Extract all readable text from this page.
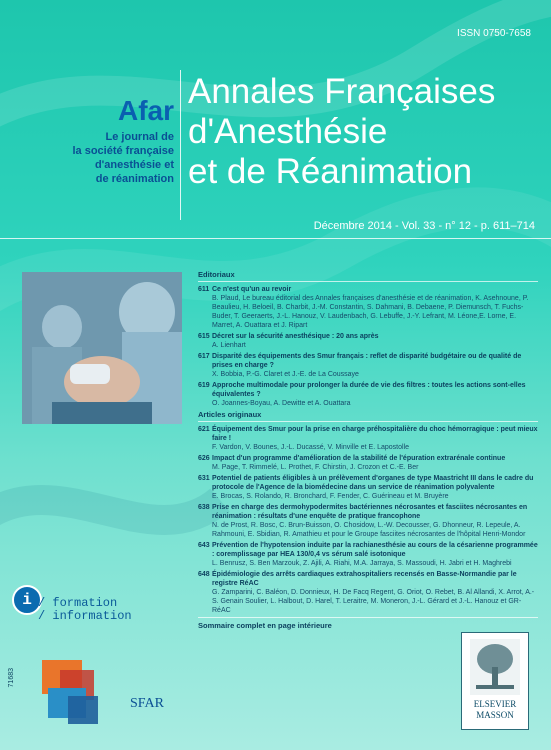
ISSN 0750-7658
Afar
Le journal de
la société française
d'anesthésie et
de réanimation
Annales Françaises
d'Anesthésie
et de Réanimation
Décembre 2014 - Vol. 33 - n° 12 - p. 611–714
Editoriaux
611 Ce n'est qu'un au revoir
B. Plaud, Le bureau éditorial des Annales françaises d'anesthésie et de réanimation, K. Asehnoune, P. Beaulieu, H. Beloeil, B. Charbit, J.-M. Constantin, S. Dahmani, B. Debaene, P. Diemunsch, T. Fuchs-Buder, T. Geeraerts, J.-L. Hanouz, V. Laudenbach, G. Lebuffe, J.-Y. Lefrant, M. Léone,E. Lorne, E. Marret, A. Ouattara et J. Ripart
615 Décret sur la sécurité anesthésique : 20 ans après
A. Lienhart
617 Disparité des équipements des Smur français : reflet de disparité budgétaire ou de qualité de prises en charge ?
X. Bobbia, P.-G. Claret et J.-E. de La Coussaye
619 Approche multimodale pour prolonger la durée de vie des filtres : toutes les actions sont-elles équivalentes ?
O. Joannes-Boyau, A. Dewitte et A. Ouattara
Articles originaux
621 Équipement des Smur pour la prise en charge préhospitalière du choc hémorragique : peut mieux faire !
F. Vardon, V. Bounes, J.-L. Ducassé, V. Minville et E. Lapostolle
626 Impact d'un programme d'amélioration de la stabilité de l'épuration extrarénale continue
M. Page, T. Rimmelé, L. Prothet, F. Chirstin, J. Crozon et C.-E. Ber
631 Potentiel de patients éligibles à un prélèvement d'organes de type Maastricht III dans le cadre du protocole de l'Agence de la biomédecine dans un service de réanimation polyvalente
E. Brocas, S. Rolando, R. Bronchard, F. Fender, C. Guérineau et M. Bruyère
638 Prise en charge des dermohypodermites bactériennes nécrosantes et fasciites nécrosantes en réanimation : résultats d'une enquête de pratique francophone
N. de Prost, R. Bosc, C. Brun-Buisson, O. Chosidow, L.-W. Decousser, G. Dhonneur, R. Lepeule, A. Rahmouni, E. Sbidian, R. Amathieu et pour le Groupe fasciites nécrosantes de l'hôpital Henri-Mondor
643 Prévention de l'hypotension induite par la rachianesthésie au cours de la césarienne programmée : coremplissage par HEA 130/0,4 vs sérum salé isotonique
L. Benrusz, S. Ben Marzouk, Z. Ajili, A. Riahi, M.A. Jarraya, S. Massoudi, H. Jabri et H. Maghrebi
648 Épidémiologie des arrêts cardiaques extrahospitaliers recensés en Basse-Normandie par le registre RéAC
G. Zamparini, C. Baléon, D. Donnieux, H. De Facq Regent, G. Oriot, O. Rebet, B. Al Allandi, X. Arrot, A.-S. Genain Soulier, L. Halbout, D. Harel, T. Leraitre, M. Moneron, J.-L. Gérard et J.-L. Hanouz et GR-RéAC
Sommaire complet en page intérieure
i / formation
/ information
SFAR
71683
ELSEVIER
MASSON
